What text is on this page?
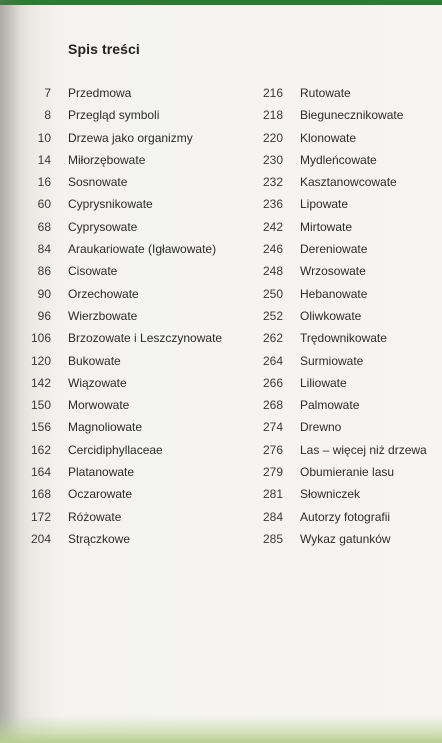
Spis treści
7 Przedmowa
8 Przegląd symboli
10 Drzewa jako organizmy
14 Miłorzębowate
16 Sosnowate
60 Cyprysnikowate
68 Cyprysowate
84 Araukariowate (Igławowate)
86 Cisowate
90 Orzechowate
96 Wierzbowate
106 Brzozowate i Leszczynowate
120 Bukowate
142 Wiązowate
150 Morwowate
156 Magnoliowate
162 Cercidiphyllaceae
164 Platanowate
168 Oczarowate
172 Różowate
204 Strączkowe
216 Rutowate
218 Biegunecznikowate
220 Klonowate
230 Mydleńcowate
232 Kasztanowcowate
236 Lipowate
242 Mirtowate
246 Dereniowate
248 Wrzosowate
250 Hebanowate
252 Oliwkowate
262 Trędownikowate
264 Surmiowate
266 Liliowate
268 Palmowate
274 Drewno
276 Las – więcej niż drzewa
279 Obumieranie lasu
281 Słowniczek
284 Autorzy fotografii
285 Wykaz gatunków
